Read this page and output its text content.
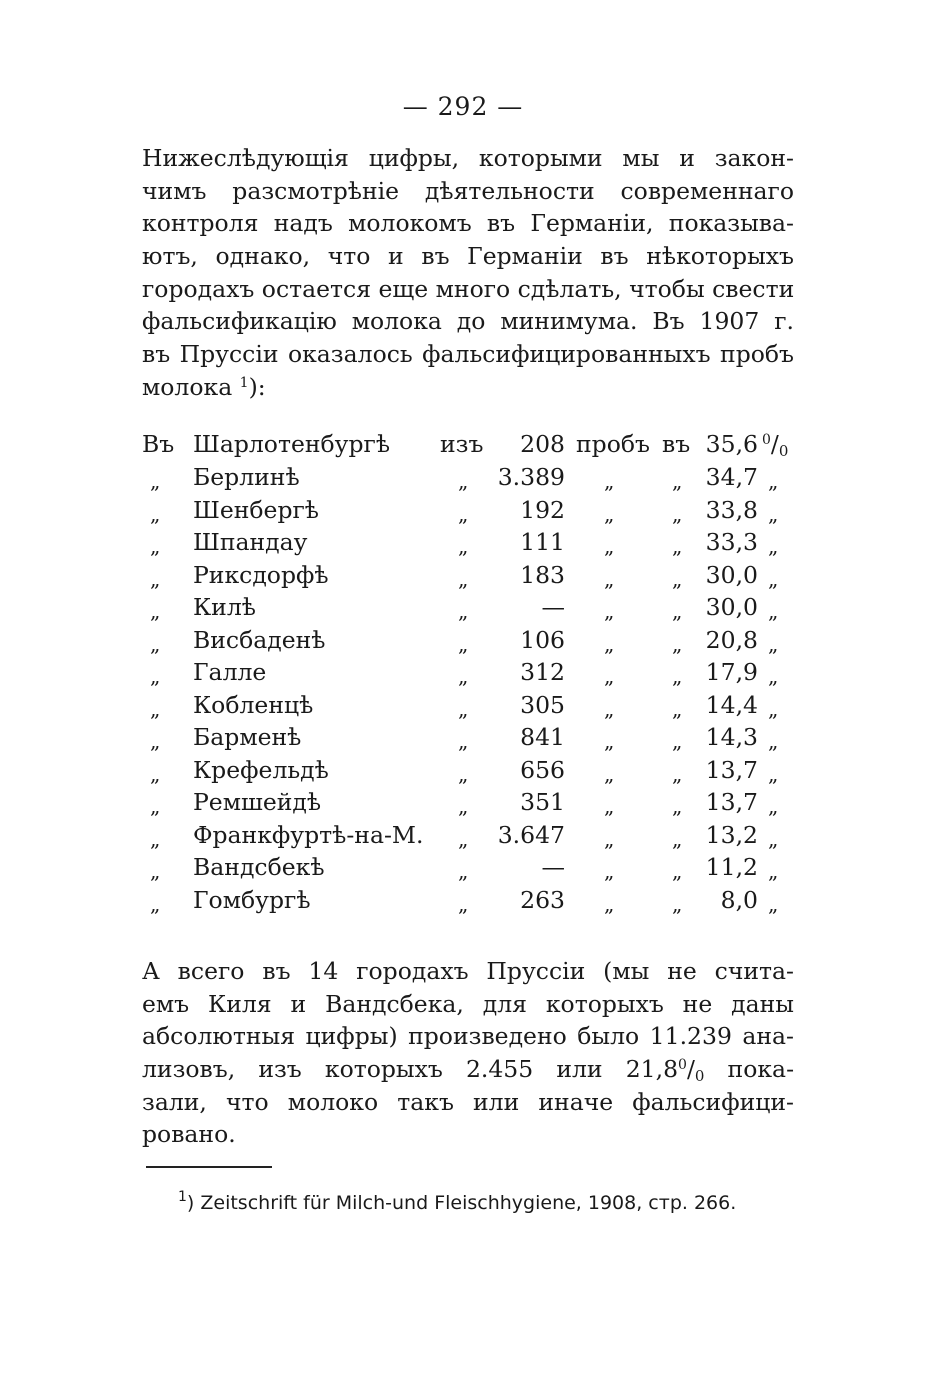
— 292 —
Нижеслѣдующія цифры, которыми мы и закон-
чимъ разсмотрѣніе дѣятельности современнаго
контроля надъ молокомъ въ Германіи, показыва-
ютъ, однако, что и въ Германіи въ нѣкоторыхъ
городахъ остается еще много сдѣлать, чтобы свести
фальсификацію молока до минимума. Въ 1907 г.
въ Пруссіи оказалось фальсифицированныхъ пробъ
молока $^1$):
Въ Шарлотенбургѣ изъ	208 пробъ въ 35,6 $^0/_0$
„ Берлинѣ	„	3.389 „	„ 34,7 „
„ Шенбергѣ	„	192 „	„ 33,8 „
„ Шпандау	„	111 „	„ 33,3 „
„ Риксдорфѣ	„	183 „	„ 30,0 „
„ Килѣ	„	— „	„ 30,0 „
„ Висбаденѣ	„	106 „	„ 20,8 „
„ Галле	„	312 „	„ 17,9 „
„ Кобленцѣ	„	305 „	„ 14,4 „
„ Барменѣ	„	841 „	„ 14,3 „
„ Крефельдѣ	„	656 „	„ 13,7 „
„ Ремшейдѣ	„	351 „	„ 13,7 „
„ Франкфуртѣ-на-М. „	3.647 „	„ 13,2 „
„ Вандсбекѣ	„	— „	„ 11,2 „
„ Гомбургѣ	„	263 „	„	8,0 „
А всего въ 14 городахъ Пруссіи (мы не счита-
емъ Киля и Вандсбека, для которыхъ не даны
абсолютныя цифры) произведено было 11.239 ана-
лизовъ, изъ которыхъ 2.455 или $21,8^0/_0$ пока-
зали, что молоко такъ или иначе фальсифици-
ровано.
$^1$) Zeitschrift für Milch-und Fleischhygiene, 1908, стр. 266.
